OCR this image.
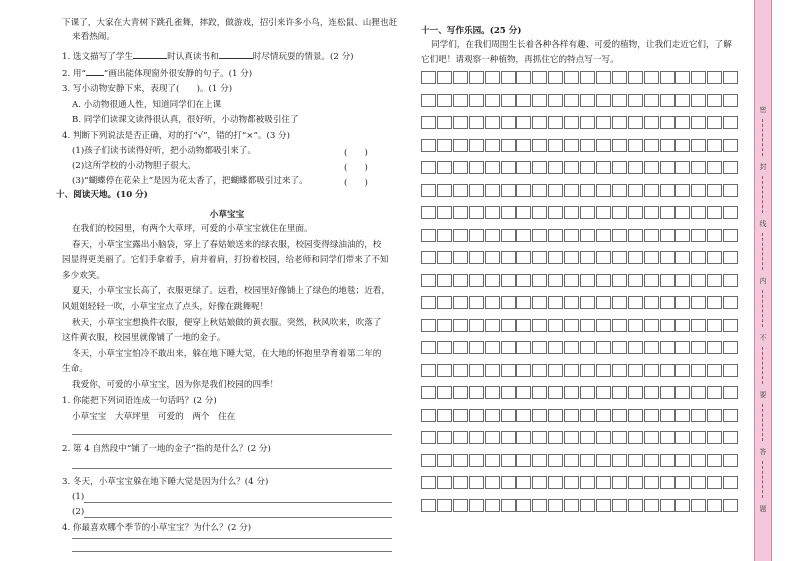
下课了，大家在大青树下跳孔雀舞，摔跤，做游戏，招引来许多小鸟，连松鼠、山狸也赶
来看热闹。
1. 选文描写了学生	时认真读书和	时尽情玩耍的情景。(2 分)
2. 用“ ”画出能体现窗外很安静的句子。(1 分)
3. 写小动物安静下来，表现了(　　)。(1 分)
A. 小动物很通人性，知道同学们在上课
B. 同学们读课文读得很认真，很好听，小动物都被吸引住了
4. 判断下列说法是否正确，对的打“√”，错的打“×”。(3 分)
(1)孩子们读书读得好听，把小动物都吸引来了。	(　　)
(2)这所学校的小动物胆子很大。	(　　)
(3)“蝴蝶停在花朵上”是因为花太香了，把蝴蝶都吸引过来了。	(　　)
十、阅读天地。(10 分)
小草宝宝
在我们的校园里，有两个大草坪，可爱的小草宝宝就住在里面。
春天，小草宝宝露出小脑袋，穿上了春姑娘送来的绿衣服，校园变得绿油油的，校
园显得更美丽了。它们手拿着手，肩并着肩，打扮着校园，给老师和同学们带来了不知
多少欢笑。
夏天，小草宝宝长高了，衣服更绿了。远看，校园里好像铺上了绿色的地毯；近看，
风姐姐轻轻一吹，小草宝宝点了点头，好像在跳舞呢！
秋天，小草宝宝想换件衣服，便穿上秋姑娘做的黄衣服。突然，秋风吹来，吹落了
这件黄衣服，校园里就像铺了一地的金子。
冬天，小草宝宝怕冷不敢出来，躲在地下睡大觉，在大地的怀抱里孕育着第二年的
生命。
我爱你，可爱的小草宝宝，因为你是我们校园的四季！
1. 你能把下列词语连成一句话吗？(2 分)
小草宝宝　大草坪里　可爱的　两个　住在
2. 第 4 自然段中“铺了一地的金子”指的是什么？(2 分)
3. 冬天，小草宝宝躲在地下睡大觉是因为什么？(4 分)
(1)
(2)
4. 你最喜欢哪个季节的小草宝宝？为什么？(2 分)
十一、写作乐园。(25 分)
同学们，在我们周围生长着各种各样有趣、可爱的植物，让我们走近它们，了解
它们吧！请观察一种植物，再抓住它的特点写一写。
密
封
线
内
不
要
答
题
